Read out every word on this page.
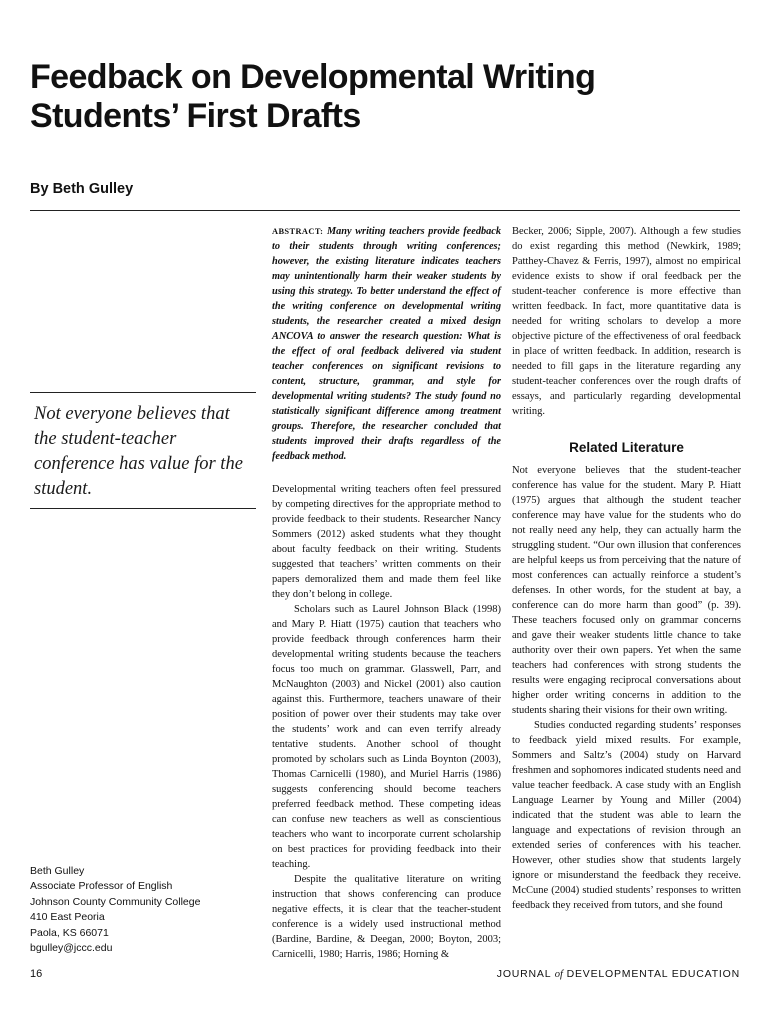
Feedback on Developmental Writing Students’ First Drafts
By Beth Gulley

Not everyone believes that the student-teacher conference has value for the student.

Beth Gulley
Associate Professor of English
Johnson County Community College
410 East Peoria
Paola, KS 66071
bgulley@jccc.edu

ABSTRACT: Many writing teachers provide feedback to their students through writing conferences; however, the existing literature indicates teachers may unintentionally harm their weaker students by using this strategy. To better understand the effect of the writing conference on developmental writing students, the researcher created a mixed design ANCOVA to answer the research question: What is the effect of oral feedback delivered via student teacher conferences on significant revisions to content, structure, grammar, and style for developmental writing students? The study found no statistically significant difference among treatment groups. Therefore, the researcher concluded that students improved their drafts regardless of the feedback method.

Developmental writing teachers often feel pressured by competing directives for the appropriate method to provide feedback to their students. Researcher Nancy Sommers (2012) asked students what they thought about faculty feedback on their writing. Students suggested that teachers’ written comments on their papers demoralized them and made them feel like they don’t belong in college.

Scholars such as Laurel Johnson Black (1998) and Mary P. Hiatt (1975) caution that teachers who provide feedback through conferences harm their developmental writing students because the teachers focus too much on grammar. Glasswell, Parr, and McNaughton (2003) and Nickel (2001) also caution against this. Furthermore, teachers unaware of their position of power over their students may take over the students’ work and can even terrify already tentative students. Another school of thought promoted by scholars such as Linda Boynton (2003), Thomas Carnicelli (1980), and Muriel Harris (1986) suggests conferencing should become teachers preferred feedback method. These competing ideas can confuse new teachers as well as conscientious teachers who want to incorporate current scholarship on best practices for providing feedback into their teaching.

Despite the qualitative literature on writing instruction that shows conferencing can produce negative effects, it is clear that the teacher-student conference is a widely used instructional method (Bardine, Bardine, & Deegan, 2000; Boyton, 2003; Carnicelli, 1980; Harris, 1986; Horning &

Becker, 2006; Sipple, 2007). Although a few studies do exist regarding this method (Newkirk, 1989; Patthey-Chavez & Ferris, 1997), almost no empirical evidence exists to show if oral feedback per the student-teacher conference is more effective than written feedback. In fact, more quantitative data is needed for writing scholars to develop a more objective picture of the effectiveness of oral feedback in place of written feedback. In addition, research is needed to fill gaps in the literature regarding any student-teacher conferences over the rough drafts of essays, and particularly regarding developmental writing.

Related Literature

Not everyone believes that the student-teacher conference has value for the student. Mary P. Hiatt (1975) argues that although the student teacher conference may have value for the students who do not really need any help, they can actually harm the struggling student. “Our own illusion that conferences are helpful keeps us from perceiving that the nature of most conferences can actually reinforce a student’s defenses. In other words, for the student at bay, a conference can do more harm than good” (p. 39). These teachers focused only on grammar concerns and gave their weaker students little chance to take authority over their own papers. Yet when the same teachers had conferences with strong students the results were engaging reciprocal conversations about higher order writing concerns in addition to the students sharing their visions for their own writing.

Studies conducted regarding students’ responses to feedback yield mixed results. For example, Sommers and Saltz’s (2004) study on Harvard freshmen and sophomores indicated students need and value teacher feedback. A case study with an English Language Learner by Young and Miller (2004) indicated that the student was able to learn the language and expectations of revision through an extended series of conferences with his teacher. However, other studies show that students largely ignore or misunderstand the feedback they receive. McCune (2004) studied students’ responses to written feedback they received from tutors, and she found

16	JOURNAL of DEVELOPMENTAL EDUCATION
